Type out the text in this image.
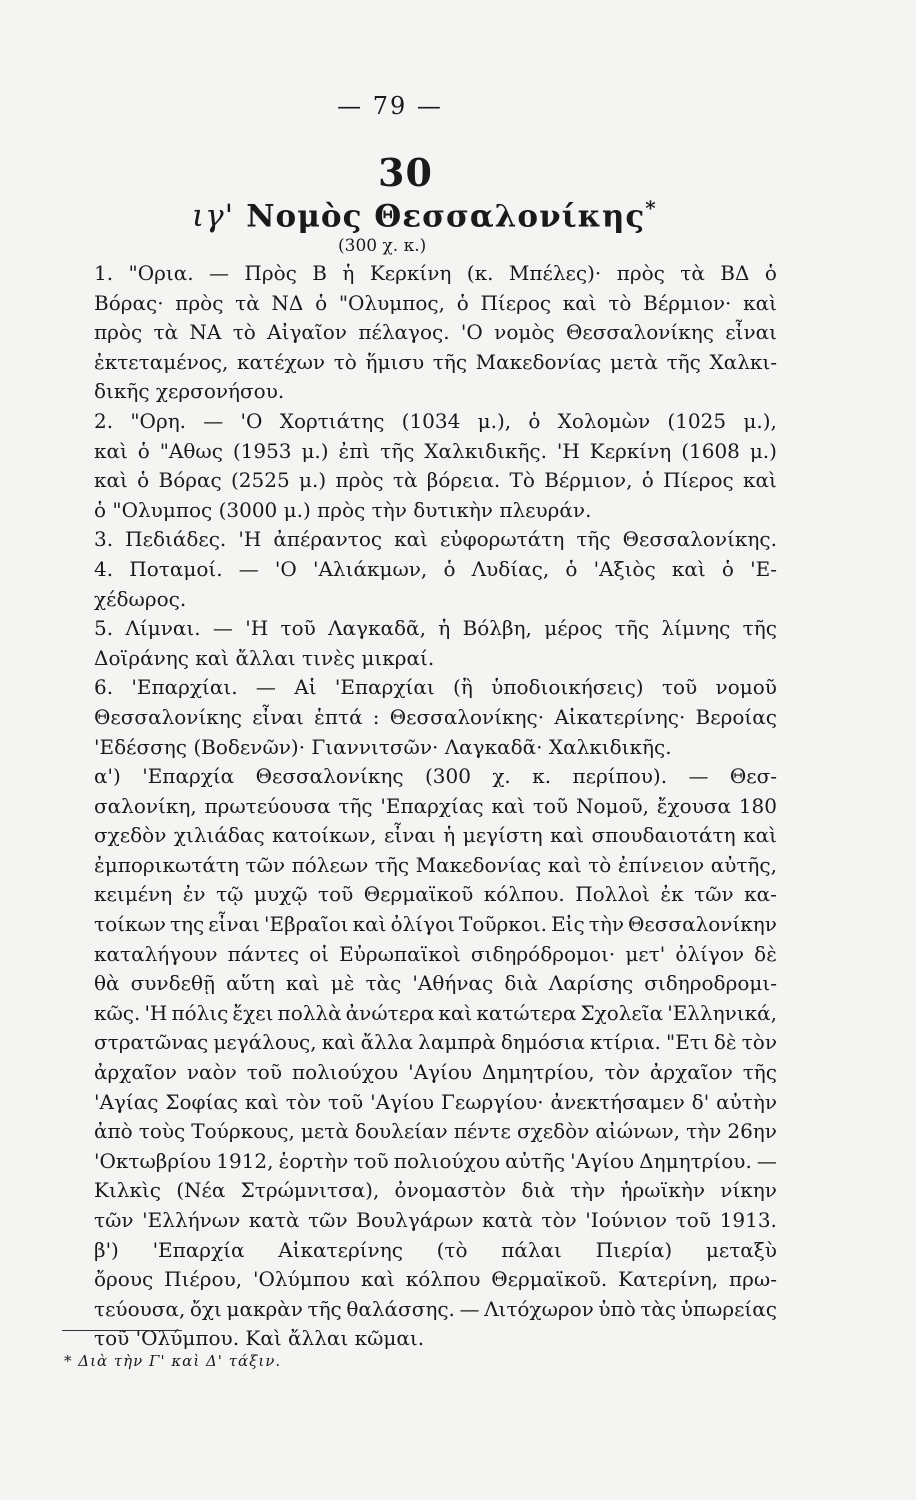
— 79 —
30
ιγ' Νομὸς Θεσσαλονίκης*
(300 χ. κ.)
1. "Ορια. — Πρὸς Β ἡ Κερκίνη (κ. Μπέλες)· πρὸς τὰ ΒΔ ὁ
Βόρας· πρὸς τὰ ΝΔ ὁ "Ολυμπος, ὁ Πίερος καὶ τὸ Βέρμιον· καὶ
πρὸς τὰ ΝΑ τὸ Αἰγαῖον πέλαγος. 'Ο νομὸς Θεσσαλονίκης εἶναι
ἐκτεταμένος, κατέχων τὸ ἥμισυ τῆς Μακεδονίας μετὰ τῆς Χαλκι-
δικῆς χερσονήσου.
2. "Ορη. — 'Ο Χορτιάτης (1034 μ.), ὁ Χολομὼν (1025 μ.),
καὶ ὁ "Αθως (1953 μ.) ἐπὶ τῆς Χαλκιδικῆς. 'Η Κερκίνη (1608 μ.)
καὶ ὁ Βόρας (2525 μ.) πρὸς τὰ βόρεια. Τὸ Βέρμιον, ὁ Πίερος καὶ
ὁ "Ολυμπος (3000 μ.) πρὸς τὴν δυτικὴν πλευράν.
3. Πεδιάδες. 'Η ἀπέραντος καὶ εὐφορωτάτη τῆς Θεσσαλονίκης.
4. Ποταμοί. — 'Ο 'Αλιάκμων, ὁ Λυδίας, ὁ 'Αξιὸς καὶ ὁ 'Ε-
χέδωρος.
5. Λίμναι. — 'Η τοῦ Λαγκαδᾶ, ἡ Βόλβη, μέρος τῆς λίμνης τῆς
Δοϊράνης καὶ ἄλλαι τινὲς μικραί.
6. 'Επαρχίαι. — Αἱ 'Επαρχίαι (ἢ ὑποδιοικήσεις) τοῦ νομοῦ
Θεσσαλονίκης εἶναι ἑπτά : Θεσσαλονίκης· Αἰκατερίνης· Βεροίας
'Εδέσσης (Βοδενῶν)· Γιαννιτσῶν· Λαγκαδᾶ· Χαλκιδικῆς.
α') 'Επαρχία Θεσσαλονίκης (300 χ. κ. περίπου). — Θεσ-
σαλονίκη, πρωτεύουσα τῆς 'Επαρχίας καὶ τοῦ Νομοῦ, ἔχουσα 180
σχεδὸν χιλιάδας κατοίκων, εἶναι ἡ μεγίστη καὶ σπουδαιοτάτη καὶ
ἐμπορικωτάτη τῶν πόλεων τῆς Μακεδονίας καὶ τὸ ἐπίνειον αὐτῆς,
κειμένη ἐν τῷ μυχῷ τοῦ Θερμαϊκοῦ κόλπου. Πολλοὶ ἐκ τῶν κα-
τοίκων της εἶναι 'Εβραῖοι καὶ ὀλίγοι Τοῦρκοι. Εἰς τὴν Θεσσαλονίκην
καταλήγουν πάντες οἱ Εὐρωπαϊκοὶ σιδηρόδρομοι· μετ' ὀλίγον δὲ
θὰ συνδεθῇ αὕτη καὶ μὲ τὰς 'Αθήνας διὰ Λαρίσης σιδηροδρομι-
κῶς. 'Η πόλις ἔχει πολλὰ ἀνώτερα καὶ κατώτερα Σχολεῖα 'Ελληνικά,
στρατῶνας μεγάλους, καὶ ἄλλα λαμπρὰ δημόσια κτίρια. "Ετι δὲ τὸν
ἀρχαῖον ναὸν τοῦ πολιούχου 'Αγίου Δημητρίου, τὸν ἀρχαῖον τῆς
'Αγίας Σοφίας καὶ τὸν τοῦ 'Αγίου Γεωργίου· ἀνεκτήσαμεν δ' αὐτὴν
ἀπὸ τοὺς Τούρκους, μετὰ δουλείαν πέντε σχεδὸν αἰώνων, τὴν 26ην
'Οκτωβρίου 1912, ἑορτὴν τοῦ πολιούχου αὐτῆς 'Αγίου Δημητρίου. —
Κιλκὶς (Νέα Στρώμνιτσα), ὀνομαστὸν διὰ τὴν ἡρωϊκὴν νίκην
τῶν 'Ελλήνων κατὰ τῶν Βουλγάρων κατὰ τὸν 'Ιούνιον τοῦ 1913.
β') 'Επαρχία Αἰκατερίνης (τὸ πάλαι Πιερία) μεταξὺ
ὄρους Πιέρου, 'Ολύμπου καὶ κόλπου Θερμαϊκοῦ. Κατερίνη, πρω-
τεύουσα, ὄχι μακρὰν τῆς θαλάσσης. — Λιτόχωρον ὑπὸ τὰς ὑπωρείας
τοῦ 'Ολύμπου. Καὶ ἄλλαι κῶμαι.
* Διὰ τὴν Γ' καὶ Δ' τάξιν.
